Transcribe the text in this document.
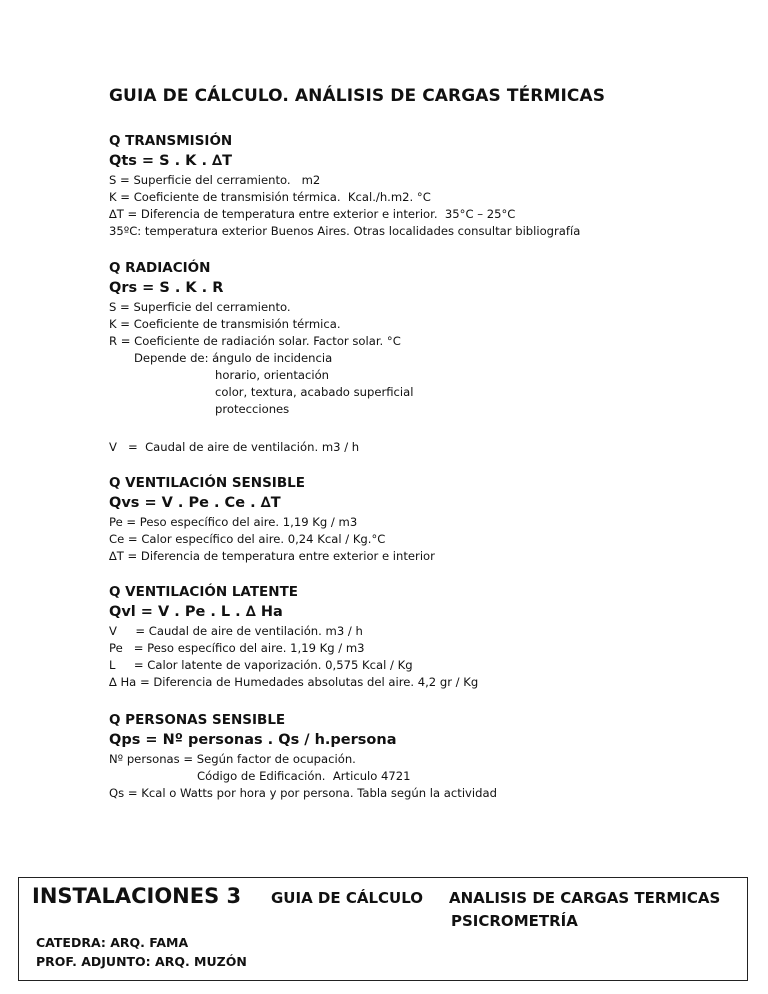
GUIA DE CÁLCULO. ANÁLISIS DE CARGAS TÉRMICAS
Q TRANSMISIÓN
Qts = S . K . ∆T
S = Superficie del cerramiento.   m2
K = Coeficiente de transmisión térmica.  Kcal./h.m2. °C
∆T = Diferencia de temperatura entre exterior e interior.  35°C – 25°C
35ºC: temperatura exterior Buenos Aires. Otras localidades consultar bibliografía
Q RADIACIÓN
Qrs = S . K . R
S = Superficie del cerramiento.
K = Coeficiente de transmisión térmica.
R = Coeficiente de radiación solar. Factor solar. °C
Depende de: ángulo de incidencia
horario, orientación
color, textura, acabado superficial
protecciones
V   =  Caudal de aire de ventilación. m3 / h
Q VENTILACIÓN SENSIBLE
Qvs = V . Pe . Ce . ∆T
Pe = Peso específico del aire. 1,19 Kg / m3
Ce = Calor específico del aire. 0,24 Kcal / Kg.°C
∆T = Diferencia de temperatura entre exterior e interior
Q VENTILACIÓN LATENTE
Qvl = V . Pe . L . ∆ Ha
V     = Caudal de aire de ventilación. m3 / h
Pe   = Peso específico del aire. 1,19 Kg / m3
L     = Calor latente de vaporización. 0,575 Kcal / Kg
∆ Ha = Diferencia de Humedades absolutas del aire. 4,2 gr / Kg
Q PERSONAS SENSIBLE
Qps = Nº personas . Qs / h.persona
Nº personas = Según factor de ocupación.
Código de Edificación.  Articulo 4721
Qs = Kcal o Watts por hora y por persona. Tabla según la actividad
INSTALACIONES 3 GUIA DE CÁLCULO ANALISIS DE CARGAS TERMICAS
PSICROMETRÍA
CATEDRA: ARQ. FAMA
PROF. ADJUNTO: ARQ. MUZÓN
